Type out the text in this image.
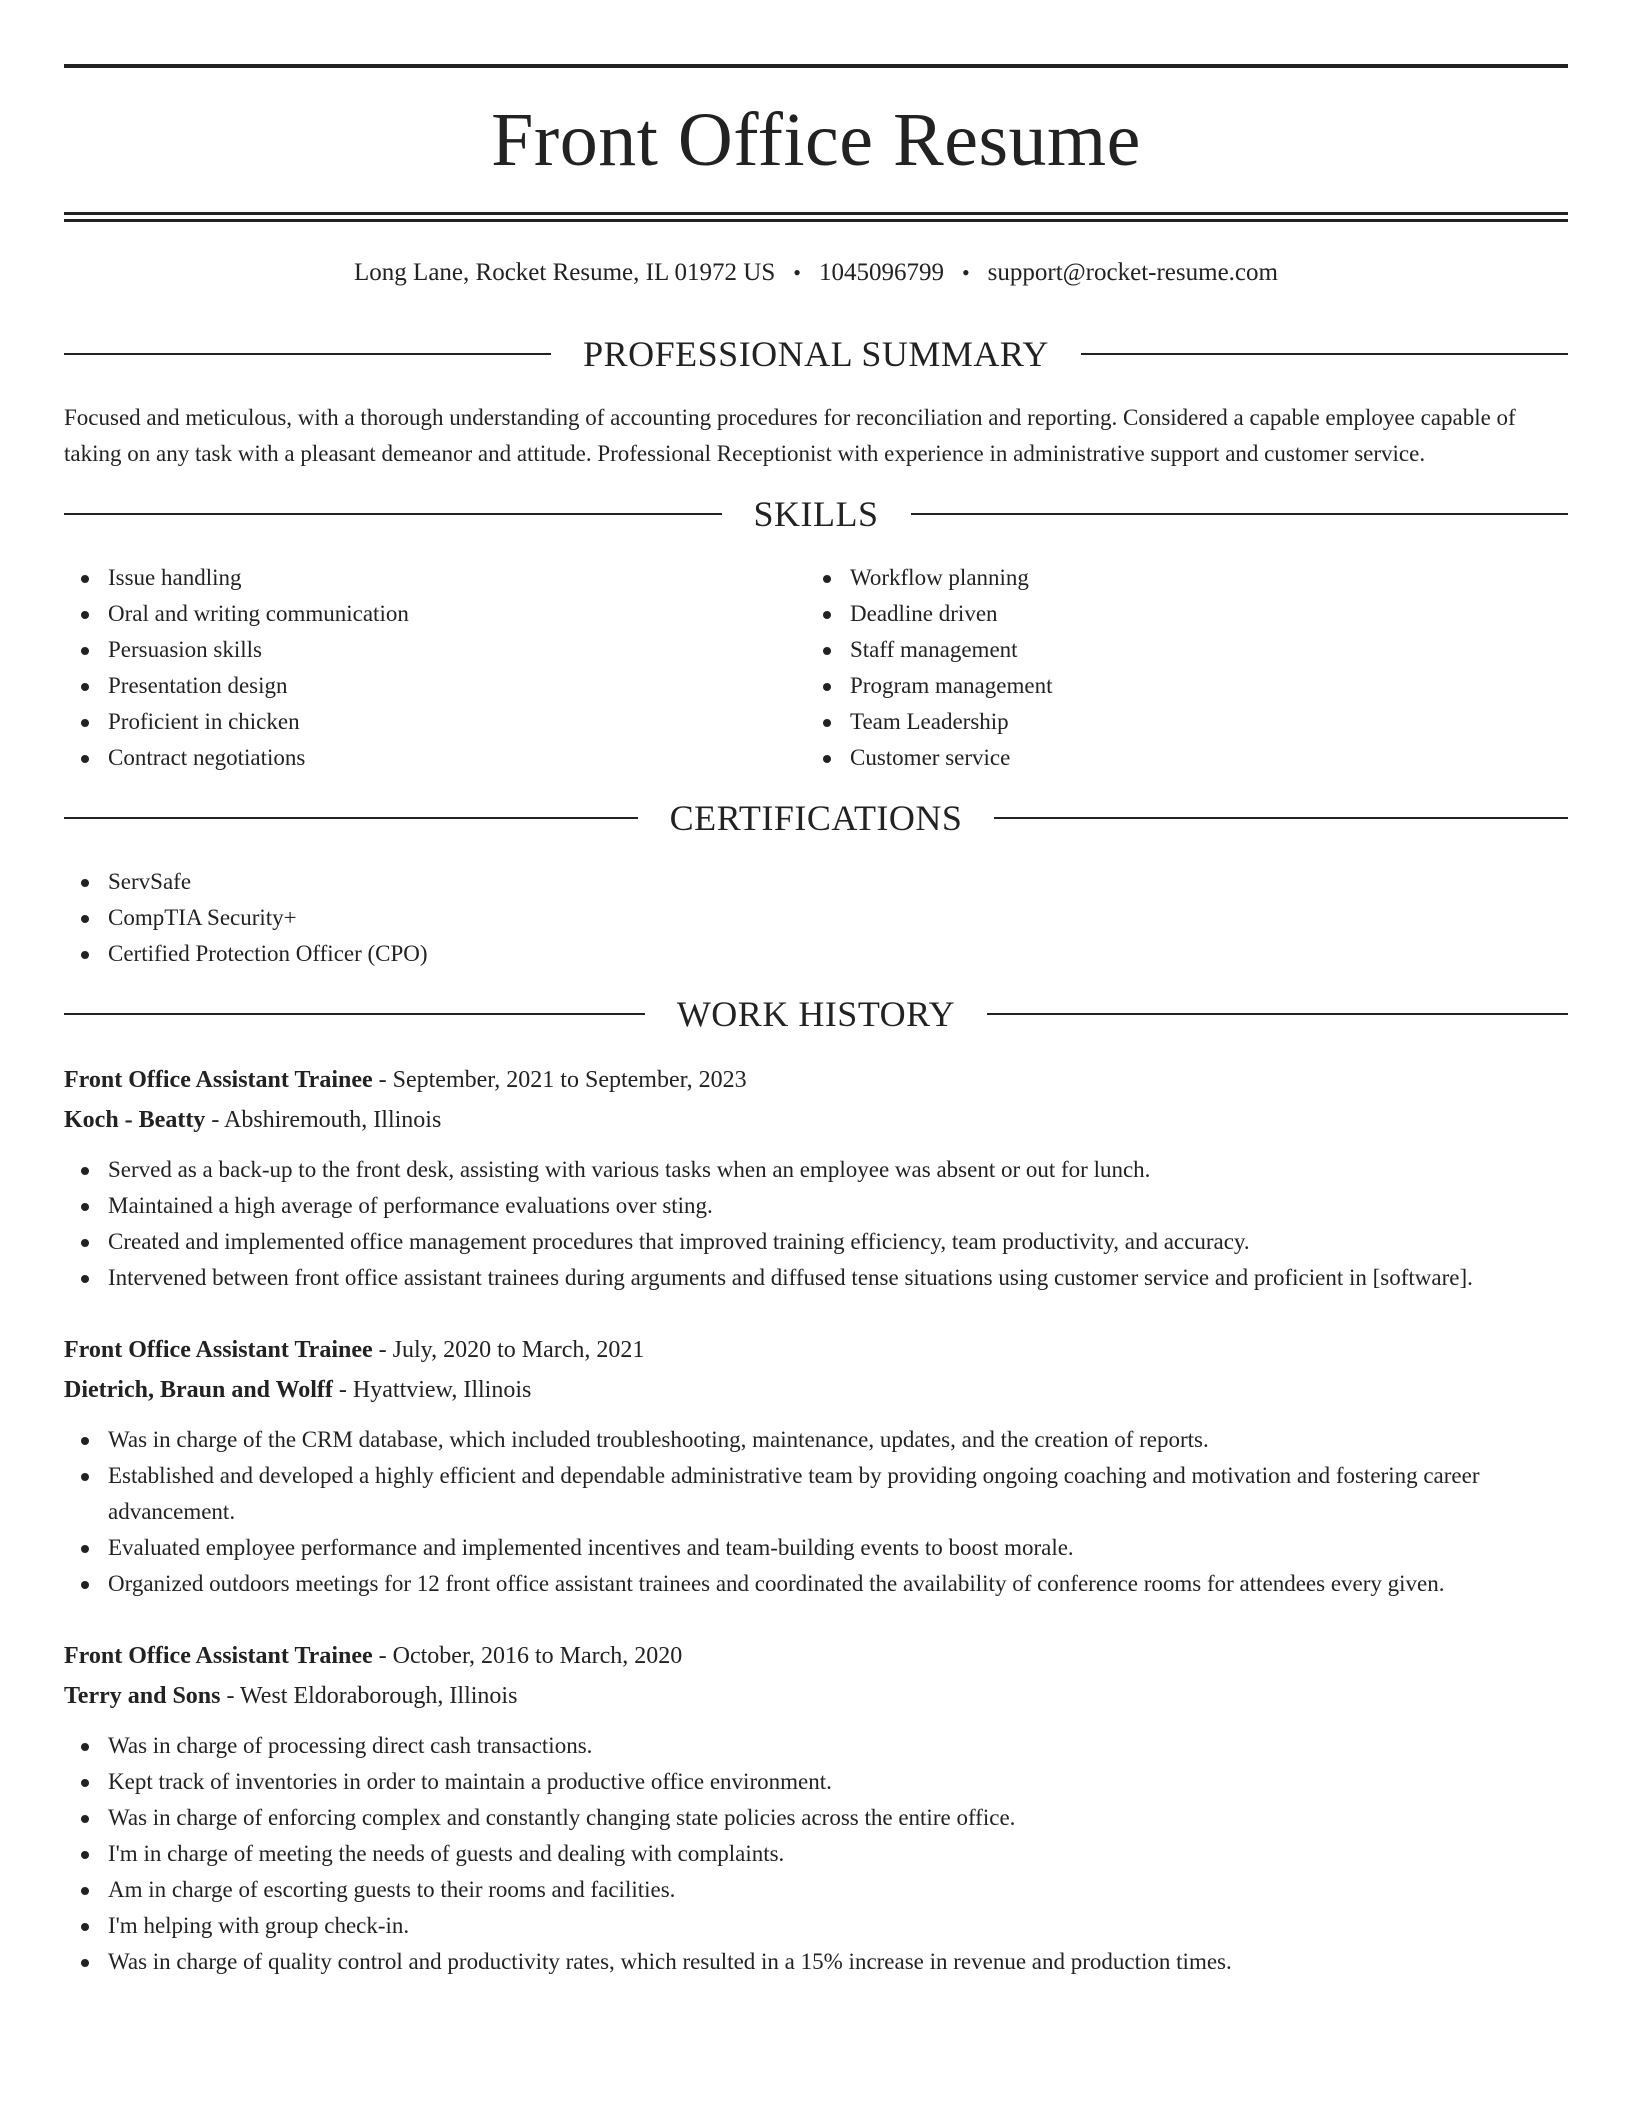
Front Office Resume
Long Lane, Rocket Resume, IL 01972 US • 1045096799 • support@rocket-resume.com
PROFESSIONAL SUMMARY

Focused and meticulous, with a thorough understanding of accounting procedures for reconciliation and reporting. Considered a capable employee capable of taking on any task with a pleasant demeanor and attitude. Professional Receptionist with experience in administrative support and customer service.

SKILLS
Issue handling
Oral and writing communication
Persuasion skills
Presentation design
Proficient in chicken
Contract negotiations
Workflow planning
Deadline driven
Staff management
Program management
Team Leadership
Customer service
CERTIFICATIONS
ServSafe
CompTIA Security+
Certified Protection Officer (CPO)
WORK HISTORY
Front Office Assistant Trainee - September, 2021 to September, 2023
Koch - Beatty - Abshiremouth, Illinois
Served as a back-up to the front desk, assisting with various tasks when an employee was absent or out for lunch.
Maintained a high average of performance evaluations over sting.
Created and implemented office management procedures that improved training efficiency, team productivity, and accuracy.
Intervened between front office assistant trainees during arguments and diffused tense situations using customer service and proficient in [software].
Front Office Assistant Trainee - July, 2020 to March, 2021
Dietrich, Braun and Wolff - Hyattview, Illinois
Was in charge of the CRM database, which included troubleshooting, maintenance, updates, and the creation of reports.
Established and developed a highly efficient and dependable administrative team by providing ongoing coaching and motivation and fostering career advancement.
Evaluated employee performance and implemented incentives and team-building events to boost morale.
Organized outdoors meetings for 12 front office assistant trainees and coordinated the availability of conference rooms for attendees every given.
Front Office Assistant Trainee - October, 2016 to March, 2020
Terry and Sons - West Eldoraborough, Illinois
Was in charge of processing direct cash transactions.
Kept track of inventories in order to maintain a productive office environment.
Was in charge of enforcing complex and constantly changing state policies across the entire office.
I'm in charge of meeting the needs of guests and dealing with complaints.
Am in charge of escorting guests to their rooms and facilities.
I'm helping with group check-in.
Was in charge of quality control and productivity rates, which resulted in a 15% increase in revenue and production times.
